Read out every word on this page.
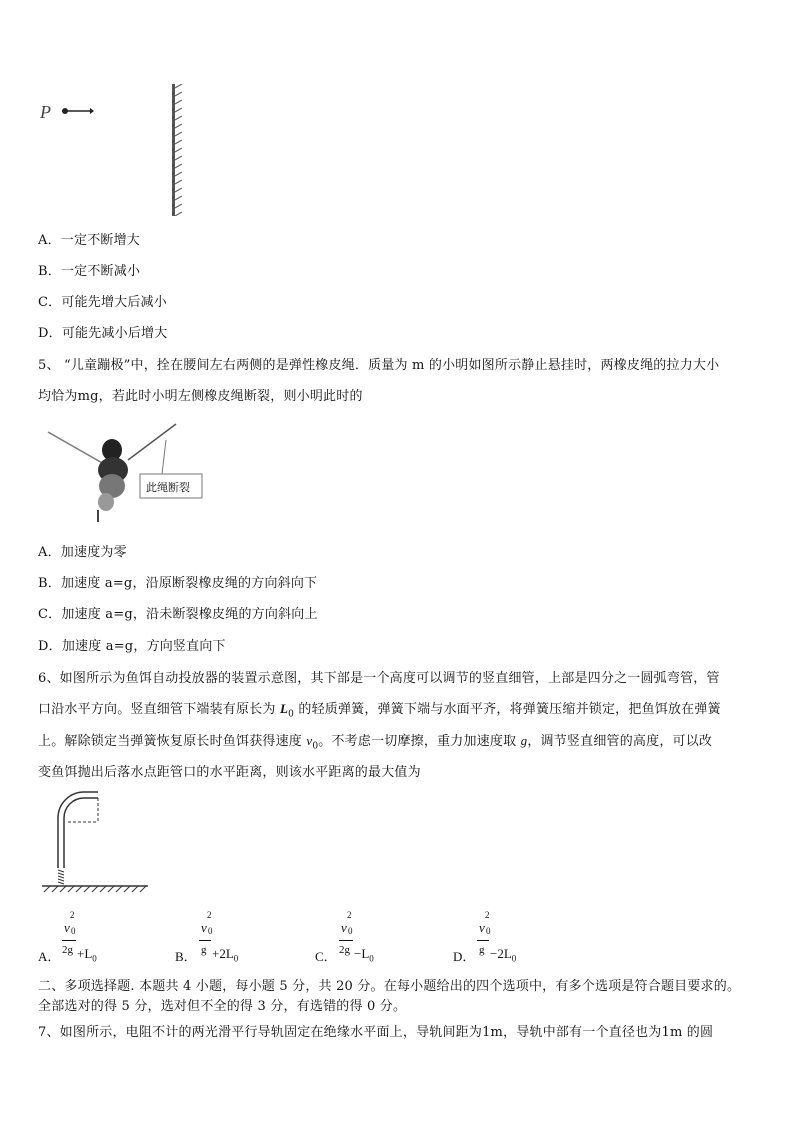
P
A．一定不断增大
B．一定不断减小
C．可能先增大后减小
D．可能先减小后增大
5、 “儿童蹦极”中，拴在腰间左右两侧的是弹性橡皮绳．质量为 m 的小明如图所示静止悬挂时，两橡皮绳的拉力大小
均恰为mg，若此时小明左侧橡皮绳断裂，则小明此时的
此绳断裂
A．加速度为零
B．加速度 a=g，沿原断裂橡皮绳的方向斜向下
C．加速度 a=g，沿未断裂橡皮绳的方向斜向上
D．加速度 a=g，方向竖直向下
6、如图所示为鱼饵自动投放器的装置示意图，其下部是一个高度可以调节的竖直细管，上部是四分之一圆弧弯管，管
口沿水平方向。竖直细管下端装有原长为 $L_0$ 的轻质弹簧，弹簧下端与水面平齐，将弹簧压缩并锁定，把鱼饵放在弹簧
上。解除锁定当弹簧恢复原长时鱼饵获得速度 $v_0$。不考虑一切摩擦，重力加速度取 g，调节竖直细管的高度，可以改
变鱼饵抛出后落水点距管口的水平距离，则该水平距离的最大值为
A．
2
v 0
$2g +L_0$	B．
2
v 0
$g +2L_0$	C．
2
v 0
$2g -L_0$	D．
2
v 0
$g -2L_0$
二、多项选择题. 本题共 4 小题，每小题 5 分，共 20 分。在每小题给出的四个选项中，有多个选项是符合题目要求的。
全部选对的得 5 分，选对但不全的得 3 分，有选错的得 0 分。
7、如图所示，电阻不计的两光滑平行导轨固定在绝缘水平面上，导轨间距为1m，导轨中部有一个直径也为1m 的圆
